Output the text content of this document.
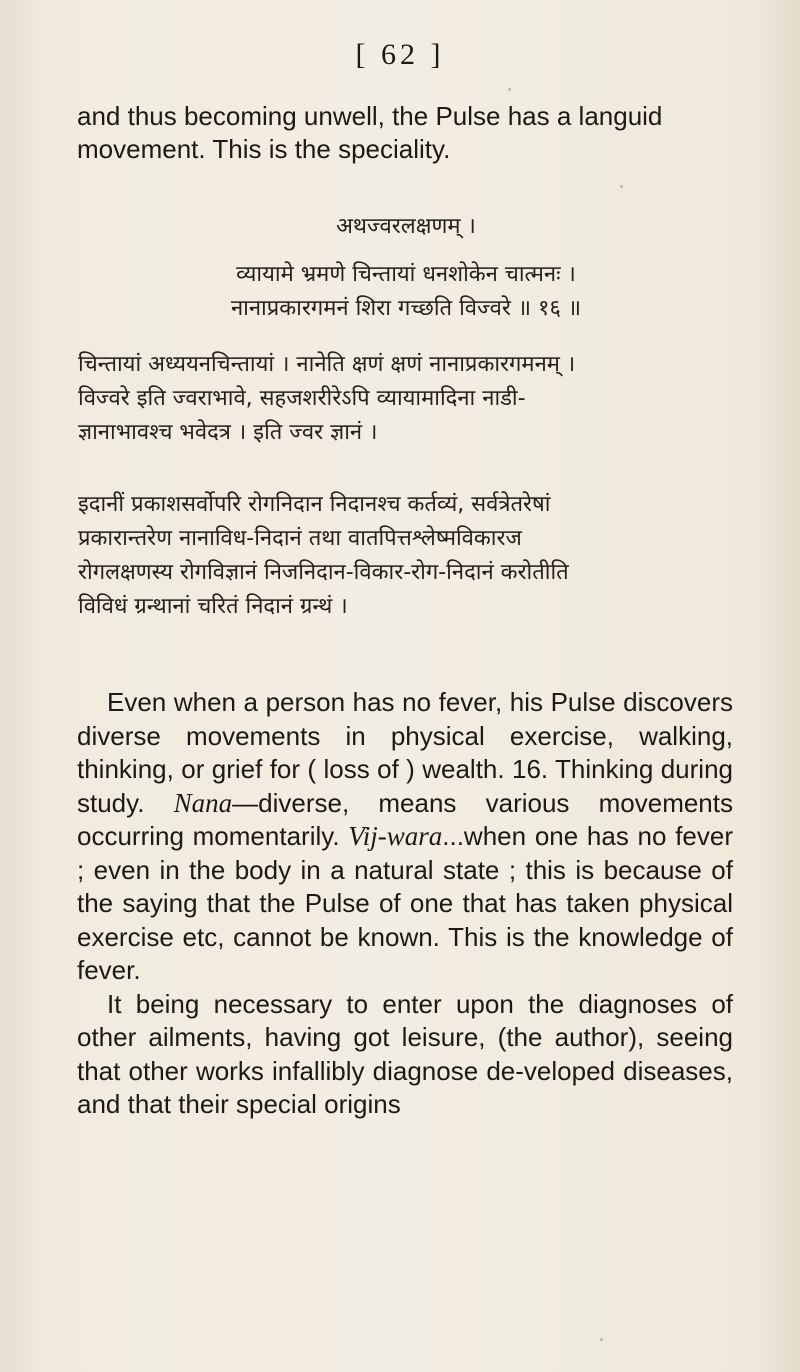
[ 62 ]

and thus becoming unwell, the Pulse has a languid movement. This is the speciality.

अथज्वरलक्षणम् ।
व्यायामे भ्रमणे चिन्तायां धनशोकेन चात्मनः ।
नानाप्रकारगमनं शिरा गच्छति विज्वरे ॥ १६ ॥
चिन्तायां अध्ययनचिन्तायां । नानेति क्षणं क्षणं नानाप्रकारगमनम् ।
विज्वरे इति ज्वराभावे, सहजशरीरेऽपि व्यायामादिना नाडी-
ज्ञानाभावश्च भवेदत्र । इति ज्वर ज्ञानं ।
इदानीं प्रकाशसर्वोपरि रोगनिदान निदानश्च कर्तव्यं, सर्वत्रेतरेषां
प्रकारान्तरेण नानाविध-निदानं तथा वातपित्तश्लेष्मविकारज
रोगलक्षणस्य रोगविज्ञानं निजनिदान-विकार-रोग-निदानं करोतीति
विविधं ग्रन्थानां चरितं निदानं ग्रन्थं ।

Even when a person has no fever, his Pulse discovers diverse movements in physical exercise, walking, thinking, or grief for ( loss of ) wealth. 16. Thinking during study. Nana—diverse, means various movements occurring momentarily. Vij-wara...when one has no fever ; even in the body in a natural state ; this is because of the saying that the Pulse of one that has taken physical exercise etc, cannot be known. This is the knowledge of fever.

It being necessary to enter upon the diagnoses of other ailments, having got leisure, (the author), seeing that other works infallibly diagnose de-veloped diseases, and that their special origins
